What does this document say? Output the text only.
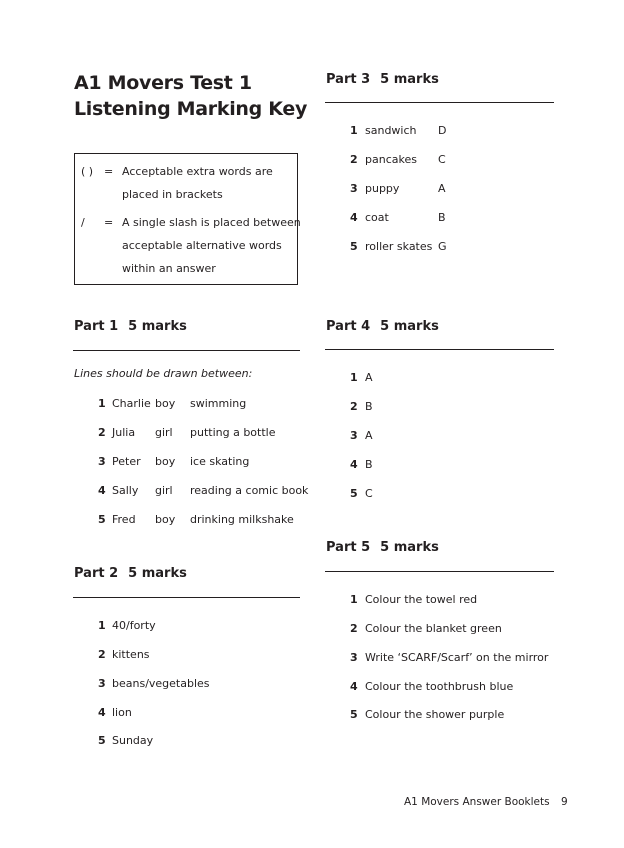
A1 Movers Test 1
Listening Marking Key
( ) = Acceptable extra words are
placed in brackets
/ = A single slash is placed between
acceptable alternative words
within an answer
Part 1 5 marks
Lines should be drawn between:
1 Charlie boy swimming
2 Julia girl putting a bottle
3 Peter boy ice skating
4 Sally girl reading a comic book
5 Fred boy drinking milkshake
Part 2 5 marks
1 40/forty
2 kittens
3 beans/vegetables
4 lion
5 Sunday
Part 3 5 marks
1 sandwich D
2 pancakes C
3 puppy	A
4 coat	B
5 roller skates G
Part 4 5 marks
1 A
2 B
3 A
4 B
5 C
Part 5 5 marks
1 Colour the towel red
2 Colour the blanket green
3 Write ‘SCARF/Scarf’ on the mirror
4 Colour the toothbrush blue
5 Colour the shower purple
A1 Movers Answer Booklets 9
